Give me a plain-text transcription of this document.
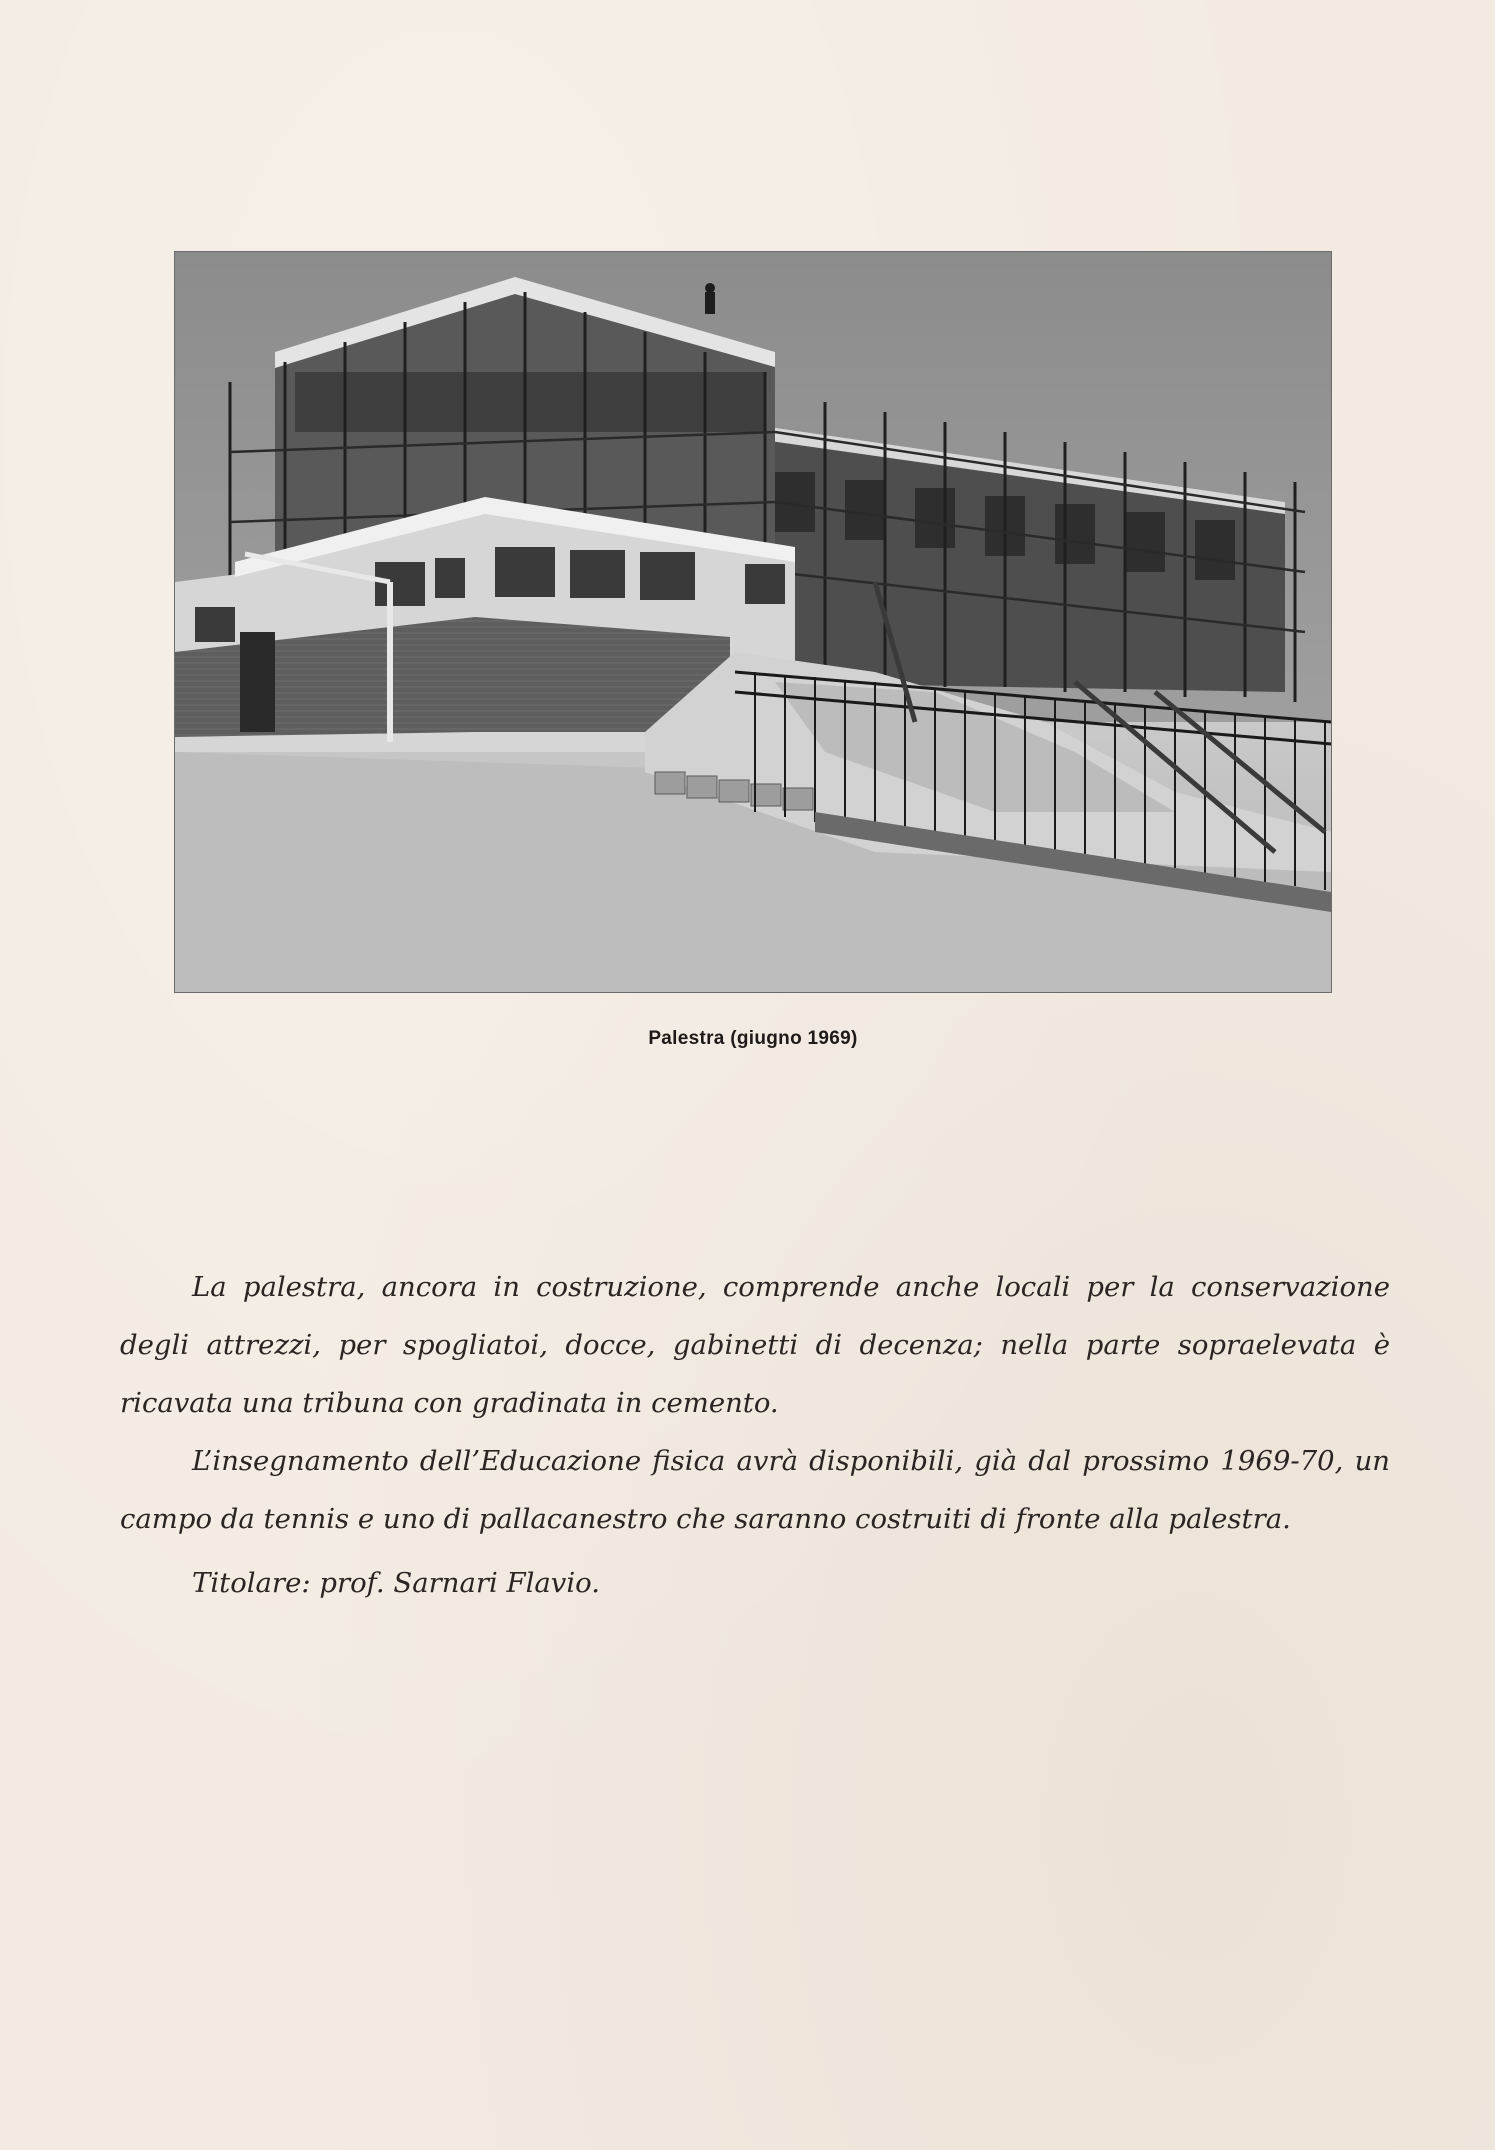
Palestra (giugno 1969)

La palestra, ancora in costruzione, comprende anche locali per la conservazione degli attrezzi, per spogliatoi, docce, gabinetti di decenza; nella parte sopraelevata è ricavata una tribuna con gradinata in cemento.

L’insegnamento dell’Educazione fisica avrà disponibili, già dal prossimo 1969-70, un campo da tennis e uno di pallacanestro che saranno costruiti di fronte alla palestra.

Titolare: prof. Sarnari Flavio.
